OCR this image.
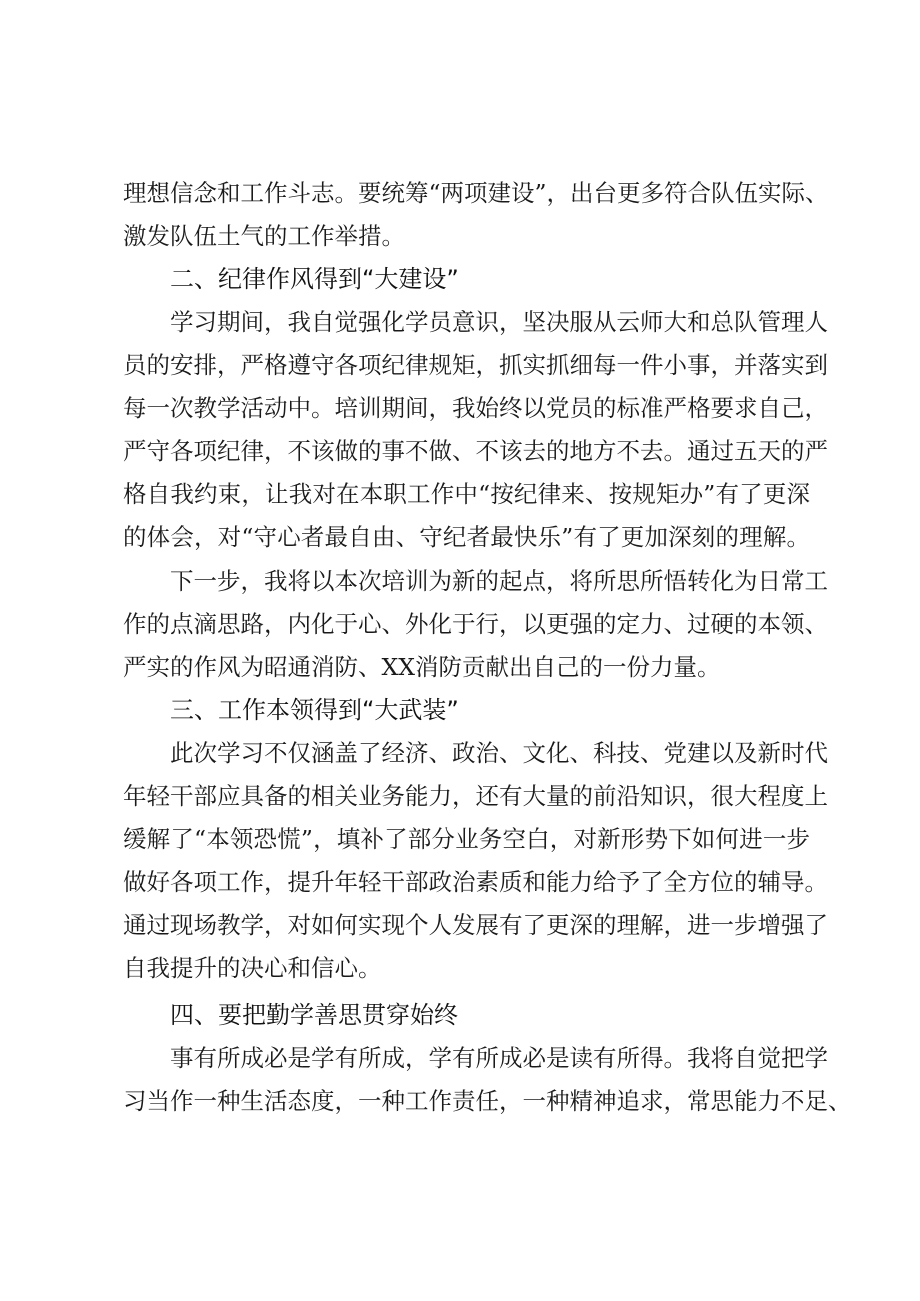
理想信念和工作斗志。要统筹“两项建设”，出台更多符合队伍实际、
激发队伍土气的工作举措。
二、纪律作风得到“大建设”
学习期间，我自觉强化学员意识，坚决服从云师大和总队管理人
员的安排，严格遵守各项纪律规矩，抓实抓细每一件小事，并落实到
每一次教学活动中。培训期间，我始终以党员的标准严格要求自己，
严守各项纪律，不该做的事不做、不该去的地方不去。通过五天的严
格自我约束，让我对在本职工作中“按纪律来、按规矩办”有了更深
的体会，对“守心者最自由、守纪者最快乐”有了更加深刻的理解。
下一步，我将以本次培训为新的起点，将所思所悟转化为日常工
作的点滴思路，内化于心、外化于行，以更强的定力、过硬的本领、
严实的作风为昭通消防、XX消防贡献出自己的一份力量。
三、工作本领得到“大武装”
此次学习不仅涵盖了经济、政治、文化、科技、党建以及新时代
年轻干部应具备的相关业务能力，还有大量的前沿知识，很大程度上
缓解了“本领恐慌”，填补了部分业务空白，对新形势下如何进一步
做好各项工作，提升年轻干部政治素质和能力给予了全方位的辅导。
通过现场教学，对如何实现个人发展有了更深的理解，进一步增强了
自我提升的决心和信心。
四、要把勤学善思贯穿始终
事有所成必是学有所成，学有所成必是读有所得。我将自觉把学
习当作一种生活态度，一种工作责任，一种精神追求，常思能力不足、
